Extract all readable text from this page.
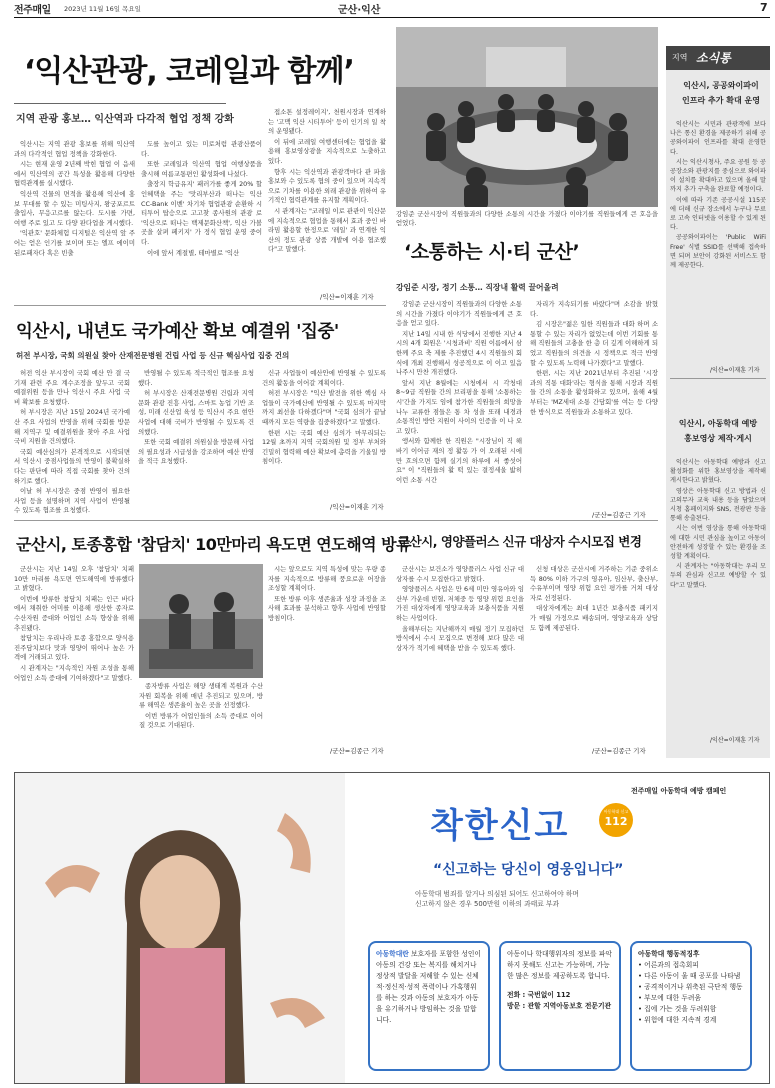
전주매일 2023년 11월 16일 목요일	군산·익산	7
‘익산관광, 코레일과 함께’
지역 관광 홍보… 익산역과 다각적 협업 정책 강화

익산시는 지역 관광 홍보를 위해 익산역과의 다각적인 협업 정책을 강화한다.

시는 현재 운영 2년째 박힌 협업 이 음새에서 익산역의 공간 특성을 활용해 다양한 협력관계를 실시했다.

익산역 건물의 면적을 활용해 익산에 홍보 무대를 할 수 있는 미팅사지, 왕궁포르트 출입사, 무응고르를 않는다. 도시를 가면, 여행 주로 있고 도 다양 판다업을 게시했다.

'익관호' 문화체험 디지털은 익산역 앞 주어는 얻은 인기를 보이며 또는 엘프 에이미 된로패자다 혹은 빈출

도를 높이고 있는 미로처럼 관광산품이다.

또한 코레일과 익산역 협업 여행상품을 출시해 여름교통편인 활성화에 나섰다.

출장지 학급유지' 패러가를 좋게 20% 할인혜택을 주는 '맛리부산과 떠나는 익산 CC-Bank 이벤' 차기차 협업관광 순환하 시티투어 탑승으로 고고찾 종사원의 관광 로 '익산으로 떠나는 백제문화산책', 익산 가볼곳을 살펴 페키지' 가 정식 협업 운영 중이다.

이에 앞서 계절별, 테마별로 '익산

접소톤 설정레이지', 천원시장과 연계하는 '고맥 익산 시티투어' 등이 인기의 일 착의 운영됐다.

이 뒤에 코레일 여행센터에는 협업을 활용해 홍보영상광을 지속적으로 노출하고 있다.

향후 시는 익산역과 관광객마다 관 파울 홍보와 수 있도록 협의 중이 있으며 지속적으로 기차를 이용한 외래 관광을 위하여 유기적인 협력관계를 유지할 계획이다.

시 관계자는 "코레일 이로 관관이 익산문에 지속적으로 협업을 통해서 효과 중인 바라밈 활용할 한정으로 '레일' 과 연계한 익산의 정도 관광 상품 개발에 이용 협조했다"고 말했다.

/익산=이재훈 기자
강임준 군산시장이 직원들과의 다양한 소통의 시간을 가졌다 이야기를 직원들에게 큰 호응을 얻었다.
‘소통하는 시·티 군산’
강임준 시장, 정기 소통… 직장내 활력 끌어올려

강임준 군산시장이 직원들과의 다양한 소통의 시간을 가졌다 이야기가 직원들에게 큰 호응을 얻고 있다.

지난 14일 시내 한 식당에서 진행한 지난 4시의 4개 회원은 '시청과비' 직원 이름에서 삼 한께 주요 축 제를 추진했던 4시 직원들의 회식에 개최 진행해서 성공적으로 이 이고 있음 나주시 만찬 개진했다.

앞서 지난 8월에는 시청에서 시 각청대 8~9급 직원들 간의 브리핑을 통해 '소통하는 시'간을 가지도 임에 참가한 직원들의 희망을 나누 교류한 점들은 통 차 성을 또래 내경과 소통적인 방안 지원이 사이의 인증을 이 나 오고 있다.

앵서와 함께한 한 직원은 "시장님이 직 해바기 이어금 재의 정 활동 가 이 오래된 시에만 흐의으면 함께 실기의 하루에 서 좋섯어요" 이 "직원들의 활 떡 있는 결정세울 밟히 이런 소통 시간

자리가 지속되기를 바랐다"며 소감을 밝혔다.

김 시장은"젊은 일한 직원들과 대화 하며 소통할 수 있는 자리가 없었는데 이번 기회를 통해 직원들의 고충을 한 층 더 깊게 이해하게 되었고 직원들의 의견을 시 정책으로 적극 반영할 수 있도록 노력해 나가겠다"고 말했다.

한편, 시는 지난 2021년부터 추진된 '시장과의 직통 대화'라는 형식을 통해 시장과 직원들 간의 소통을 활성화하고 있으며, 올해 4월부터는 'MZ세대 소통 간담회'를 여는 등 다양한 방식으로 직원들과 소통하고 있다.

/군산=김종근 기자
익산시, 내년도 국가예산 확보 예결위 '집중'
허전 부시장, 국회 의원실 찾아 산재전문병원 건립 사업 등 신규 핵심사업 집중 건의

허전 익산 부시장이 국회 예산 안 결 국 기재 관련 주요 계수조정을 앞두고 국회 예결위원 등을 만나 익산시 주요 사업 국비 확보를 요청했다.

허 부시장은 지난 15일 2024년 국가예산 주요 사업의 반영을 위해 국회를 방문해 지역구 및 예결위원을 찾아 주요 사업 국비 지원을 건의했다.

국회 예산심의가 본격적으로 시작되면서 익산시 중점사업들의 반영이 불확실하다는 판단에 따라 직접 국회를 찾아 건의하기로 했다.

이날 허 부시장은 중점 반영이 필요한 사업 등을 설명하며 지역 사업이 반영될 수 있도록 협조를 요청했다.

반영될 수 있도록 적극적인 협조를 요청했다.

허 부시장은 산재전문병원 건립과 지역 문화 관광 진흥 사업, 스마트 농업 기반 조성, 미래 신산업 육성 등 익산시 주요 현안 사업에 대해 국비가 반영될 수 있도록 건의했다.

또한 국회 예결위 의원실을 방문해 사업의 필요성과 시급성을 강조하며 예산 반영을 적극 요청했다.

신규 사업들이 예산안에 반영될 수 있도록 건의 활동을 이어갈 계획이다.

허전 부시장은 "익산 발전을 위한 핵심 사업들이 국가예산에 반영될 수 있도록 마지막까지 최선을 다하겠다"며 "국회 심의가 끝날 때까지 모든 역량을 집중하겠다"고 말했다.

한편 시는 국회 예산 심의가 마무리되는 12월 초까지 지역 국회의원 및 정부 부처와 긴밀히 협력해 예산 확보에 총력을 기울일 방침이다.

/익산=이재훈 기자
군산시, 토종홍합 '참담치' 10만마리 욕도면 연도해역 방류

군산시는 지난 14일 오후 '참담치' 치패 10만 마리를 욕도면 연도해역에 방류했다고 밝혔다.

이번에 방류한 참담치 치패는 인근 바다에서 채취한 어미를 이용해 생산한 종자로 수산자원 증대와 어업인 소득 향상을 위해 추진됐다.

참담치는 우리나라 토종 홍합으로 양식용 진주담치보다 맛과 영양이 뛰어나 높은 가격에 거래되고 있다.

시 관계자는 "지속적인 자원 조성을 통해 어업인 소득 증대에 기여하겠다"고 말했다.

종자방류 사업은 해양 생태계 복원과 수산자원 회복을 위해 매년 추진되고 있으며, 방류 해역은 생존율이 높은 곳을 선정했다.

이번 방류가 어업인들의 소득 증대로 이어질 것으로 기대된다.

시는 앞으로도 지역 특성에 맞는 우량 종자를 지속적으로 방류해 풍요로운 어장을 조성할 계획이다.

또한 방류 이후 생존율과 성장 과정을 조사해 효과를 분석하고 향후 사업에 반영할 방침이다.

/군산=김종근 기자
군산시, 영양플러스 신규 대상자 수시모집 변경

군산시는 보건소가 영양플러스 사업 신규 대상자를 수시 모집한다고 밝혔다.

영양플러스 사업은 만 6세 미만 영유아와 임산부 가운데 빈혈, 저체중 등 영양 위험 요인을 가진 대상자에게 영양교육과 보충식품을 지원하는 사업이다.

올해부터는 지난해까지 매월 정기 모집하던 방식에서 수시 모집으로 변경해 보다 많은 대상자가 적기에 혜택을 받을 수 있도록 했다.

신청 대상은 군산시에 거주하는 기준 중위소득 80% 이하 가구의 영유아, 임산부, 출산부, 수유부이며 영양 위험 요인 평가를 거쳐 대상자로 선정된다.

대상자에게는 최대 1년간 보충식품 패키지가 매월 가정으로 배송되며, 영양교육과 상담도 함께 제공된다.

/군산=김종근 기자
지역 소식통
익산시, 공공와이파이
인프라 추가 확대 운영

익산시는 시민과 관광객에 보다 나은 통신 환경을 제공하기 위해 공공와이파이 인프라를 확대 운영한다.

시는 익산시청사, 주요 공원 등 공공장소와 관광지를 중심으로 와이파이 설치를 확대하고 있으며 올해 말까지 추가 구축을 완료할 예정이다.

이에 따라 기존 공공시설 115곳에 더해 신규 장소에서 누구나 무료로 고속 인터넷을 이용할 수 있게 된다.

공공와이파이는 'Public WiFi Free' 식별 SSID를 선택해 접속하면 되며 보안이 강화된 서비스도 함께 제공한다.

/익산=이재훈 기자
익산시, 아동학대 예방
홍보영상 제작·게시

익산시는 아동학대 예방과 신고 활성화를 위한 홍보영상을 제작해 게시한다고 밝혔다.

영상은 아동학대 신고 방법과 신고의무자 교육 내용 등을 담았으며 시청 홈페이지와 SNS, 전광판 등을 통해 송출된다.

시는 이번 영상을 통해 아동학대에 대한 시민 관심을 높이고 아동이 안전하게 성장할 수 있는 환경을 조성할 계획이다.

시 관계자는 "아동학대는 우리 모두의 관심과 신고로 예방할 수 있다"고 말했다.

/익산=이재훈 기자
전주매일 아동학대 예방 캠페인
착한신고	아동학대 신고
112
“신고하는 당신이 영웅입니다”
아동학대 범죄를 알거나 의심된 되어도 신고하여야 하며
신고하지 않은 경우 500만원 이하의 과태료 부과
아동학대란 보호자를 포함한 성인이 아동의 건강 또는 복지를 해치거나 정상적 발달을 저해할 수 있는 신체적·정신적·성적 폭력이나 가혹행위를 하는 것과 아동의 보호자가 아동을 유기하거나 방임하는 것을 말합니다.
아동이나 학대행위자의 정보를 파악하지 못해도 신고는 가능하며, 가능한 많은 정보를 제공하도록 합니다.
전화 : 국번없이 112
방문 : 관할 지역아동보호 전문기관
아동학대 행동적징후
• 어른과의 접촉회피
• 다른 아동이 울 때 공포를 나타냄
• 공격적이거나 위축된 극단적 행동
• 부모에 대한 두려움
• 집에 가는 것을 두려워함
• 위험에 대한 지속적 경계
